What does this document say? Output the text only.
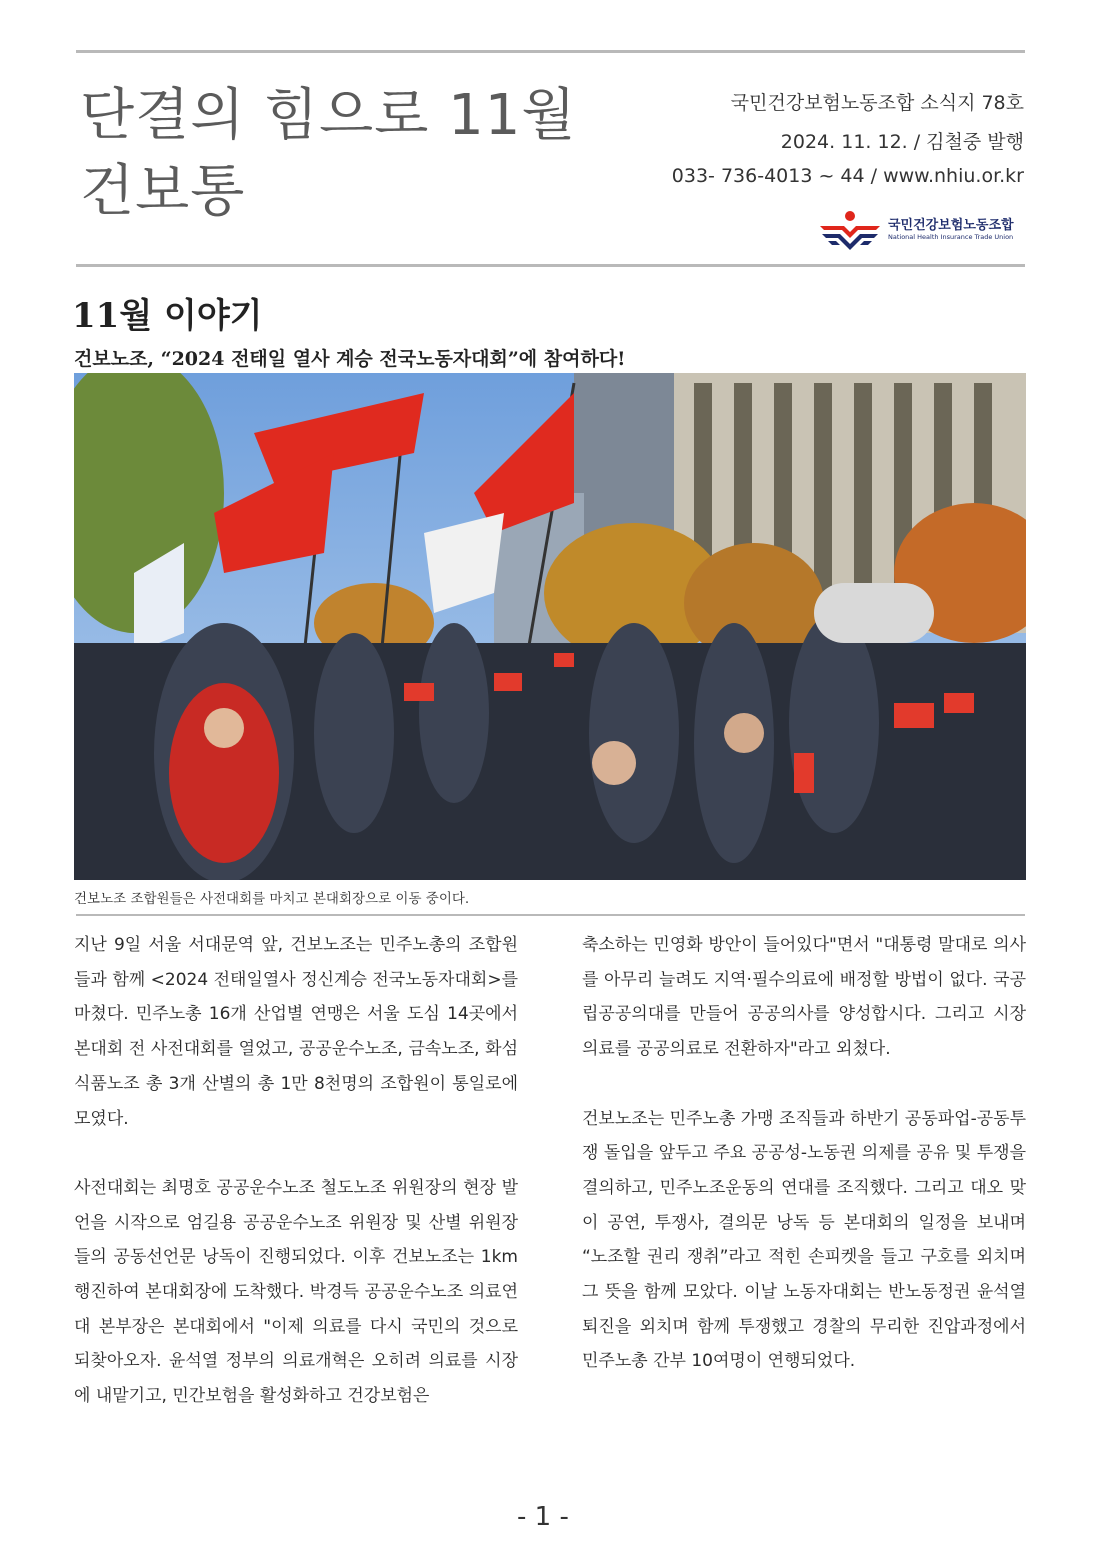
단결의 힘으로 11월
건보통
국민건강보험노동조합 소식지 78호
2024. 11. 12. / 김철중 발행
033- 736-4013 ~ 44 / www.nhiu.or.kr
국민건강보험노동조합
National Health Insurance Trade Union
11월 이야기
건보노조, “2024 전태일 열사 계승 전국노동자대회”에 참여하다!
건보노조 조합원들은 사전대회를 마치고 본대회장으로 이동 중이다.

지난 9일 서울 서대문역 앞, 건보노조는 민주노총의 조합원들과 함께 <2024 전태일열사 정신계승 전국노동자대회>를 마쳤다. 민주노총 16개 산업별 연맹은 서울 도심 14곳에서 본대회 전 사전대회를 열었고, 공공운수노조, 금속노조, 화섬식품노조 총 3개 산별의 총 1만 8천명의 조합원이 통일로에 모였다.

사전대회는 최명호 공공운수노조 철도노조 위원장의 현장 발언을 시작으로 엄길용 공공운수노조 위원장 및 산별 위원장들의 공동선언문 낭독이 진행되었다. 이후 건보노조는 1km 행진하여 본대회장에 도착했다. 박경득 공공운수노조 의료연대 본부장은 본대회에서 "이제 의료를 다시 국민의 것으로 되찾아오자. 윤석열 정부의 의료개혁은 오히려 의료를 시장에 내맡기고, 민간보험을 활성화하고 건강보험은

축소하는 민영화 방안이 들어있다"면서 "대통령 말대로 의사를 아무리 늘려도 지역·필수의료에 배정할 방법이 없다. 국공립공공의대를 만들어 공공의사를 양성합시다. 그리고 시장 의료를 공공의료로 전환하자"라고 외쳤다.

건보노조는 민주노총 가맹 조직들과 하반기 공동파업-공동투쟁 돌입을 앞두고 주요 공공성-노동권 의제를 공유 및 투쟁을 결의하고, 민주노조운동의 연대를 조직했다. 그리고 대오 맞이 공연, 투쟁사, 결의문 낭독 등 본대회의 일정을 보내며 “노조할 권리 쟁취”라고 적힌 손피켓을 들고 구호를 외치며 그 뜻을 함께 모았다. 이날 노동자대회는 반노동정권 윤석열 퇴진을 외치며 함께 투쟁했고 경찰의 무리한 진압과정에서 민주노총 간부 10여명이 연행되었다.

- 1 -
